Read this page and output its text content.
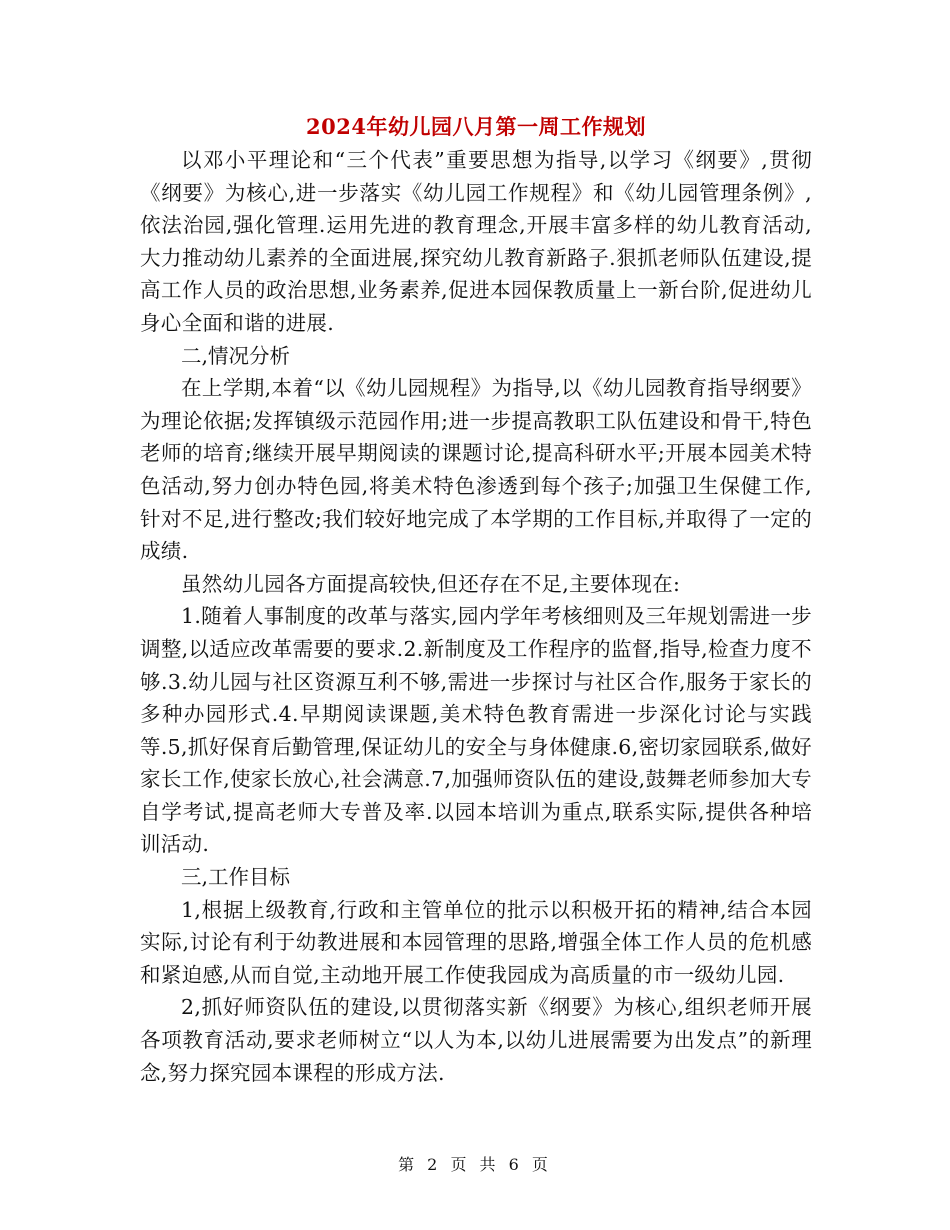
2024年幼儿园八月第一周工作规划

以邓小平理论和“三个代表”重要思想为指导,以学习《纲要》,贯彻《纲要》为核心,进一步落实《幼儿园工作规程》和《幼儿园管理条例》,依法治园,强化管理.运用先进的教育理念,开展丰富多样的幼儿教育活动,大力推动幼儿素养的全面进展,探究幼儿教育新路子.狠抓老师队伍建设,提高工作人员的政治思想,业务素养,促进本园保教质量上一新台阶,促进幼儿身心全面和谐的进展.

二,情况分析

在上学期,本着“以《幼儿园规程》为指导,以《幼儿园教育指导纲要》为理论依据;发挥镇级示范园作用;进一步提高教职工队伍建设和骨干,特色老师的培育;继续开展早期阅读的课题讨论,提高科研水平;开展本园美术特色活动,努力创办特色园,将美术特色渗透到每个孩子;加强卫生保健工作,针对不足,进行整改;我们较好地完成了本学期的工作目标,并取得了一定的成绩.

虽然幼儿园各方面提高较快,但还存在不足,主要体现在:

1.随着人事制度的改革与落实,园内学年考核细则及三年规划需进一步调整,以适应改革需要的要求.2.新制度及工作程序的监督,指导,检查力度不够.3.幼儿园与社区资源互利不够,需进一步探讨与社区合作,服务于家长的多种办园形式.4.早期阅读课题,美术特色教育需进一步深化讨论与实践等.5,抓好保育后勤管理,保证幼儿的安全与身体健康.6,密切家园联系,做好家长工作,使家长放心,社会满意.7,加强师资队伍的建设,鼓舞老师参加大专自学考试,提高老师大专普及率.以园本培训为重点,联系实际,提供各种培训活动.

三,工作目标

1,根据上级教育,行政和主管单位的批示以积极开拓的精神,结合本园实际,讨论有利于幼教进展和本园管理的思路,增强全体工作人员的危机感和紧迫感,从而自觉,主动地开展工作使我园成为高质量的市一级幼儿园.

2,抓好师资队伍的建设,以贯彻落实新《纲要》为核心,组织老师开展各项教育活动,要求老师树立“以人为本,以幼儿进展需要为出发点”的新理念,努力探究园本课程的形成方法.

第 2 页 共 6 页
